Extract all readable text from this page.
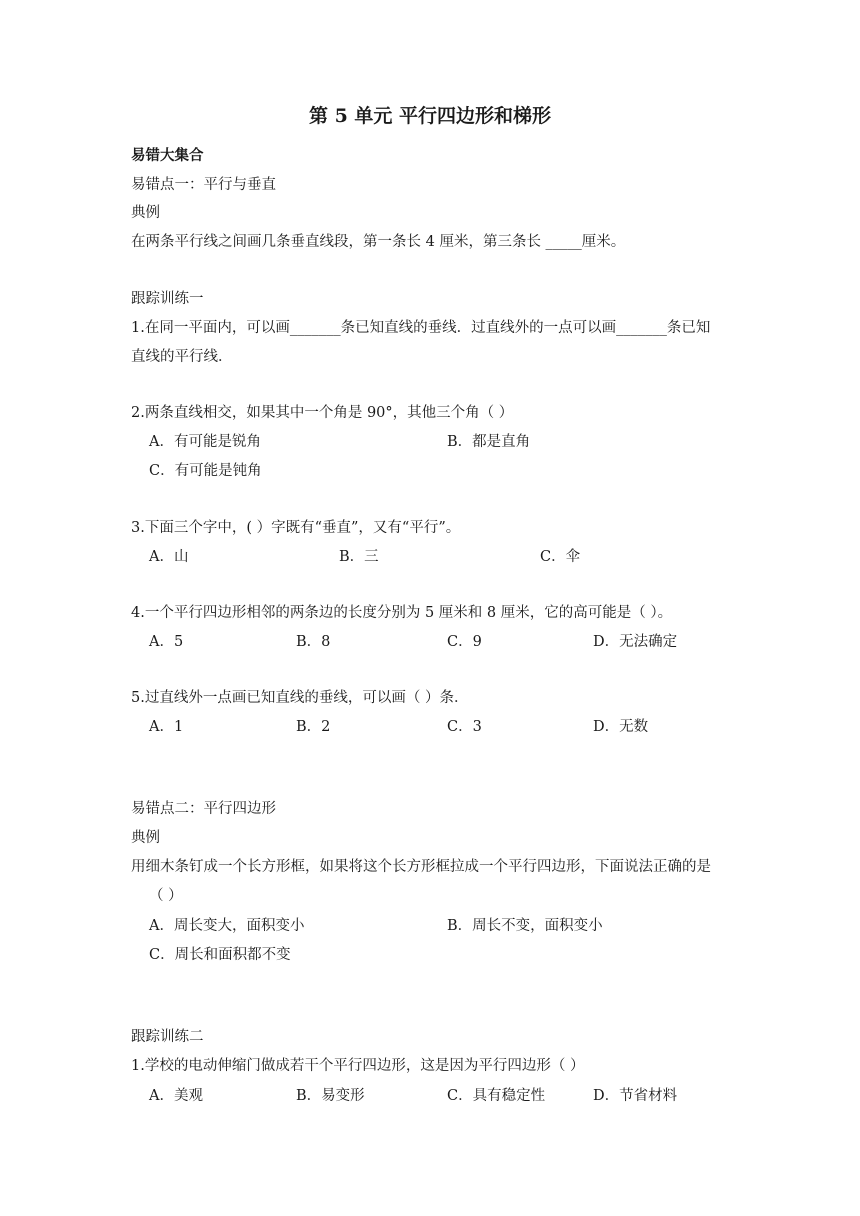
第 5 单元 平行四边形和梯形
易错大集合
易错点一：平行与垂直
典例
在两条平行线之间画几条垂直线段，第一条长 4 厘米，第三条长 _____厘米。
跟踪训练一
1.在同一平面内，可以画_______条已知直线的垂线．过直线外的一点可以画_______条已知
直线的平行线．
2.两条直线相交，如果其中一个角是 90°，其他三个角（ ）
A．有可能是锐角	B．都是直角
C．有可能是钝角
3.下面三个字中，( ）字既有“垂直”，又有“平行”。
A．山	B．三	C．伞
4.一个平行四边形相邻的两条边的长度分别为 5 厘米和 8 厘米，它的高可能是（ ）。
A．5	B．8	C．9	D．无法确定
5.过直线外一点画已知直线的垂线，可以画（ ）条．
A．1	B．2	C．3	D．无数
易错点二：平行四边形
典例
用细木条钉成一个长方形框，如果将这个长方形框拉成一个平行四边形，下面说法正确的是
（ ）
A．周长变大，面积变小	B．周长不变，面积变小
C．周长和面积都不变
跟踪训练二
1.学校的电动伸缩门做成若干个平行四边形，这是因为平行四边形（ ）
A．美观	B．易变形	C．具有稳定性	D．节省材料
